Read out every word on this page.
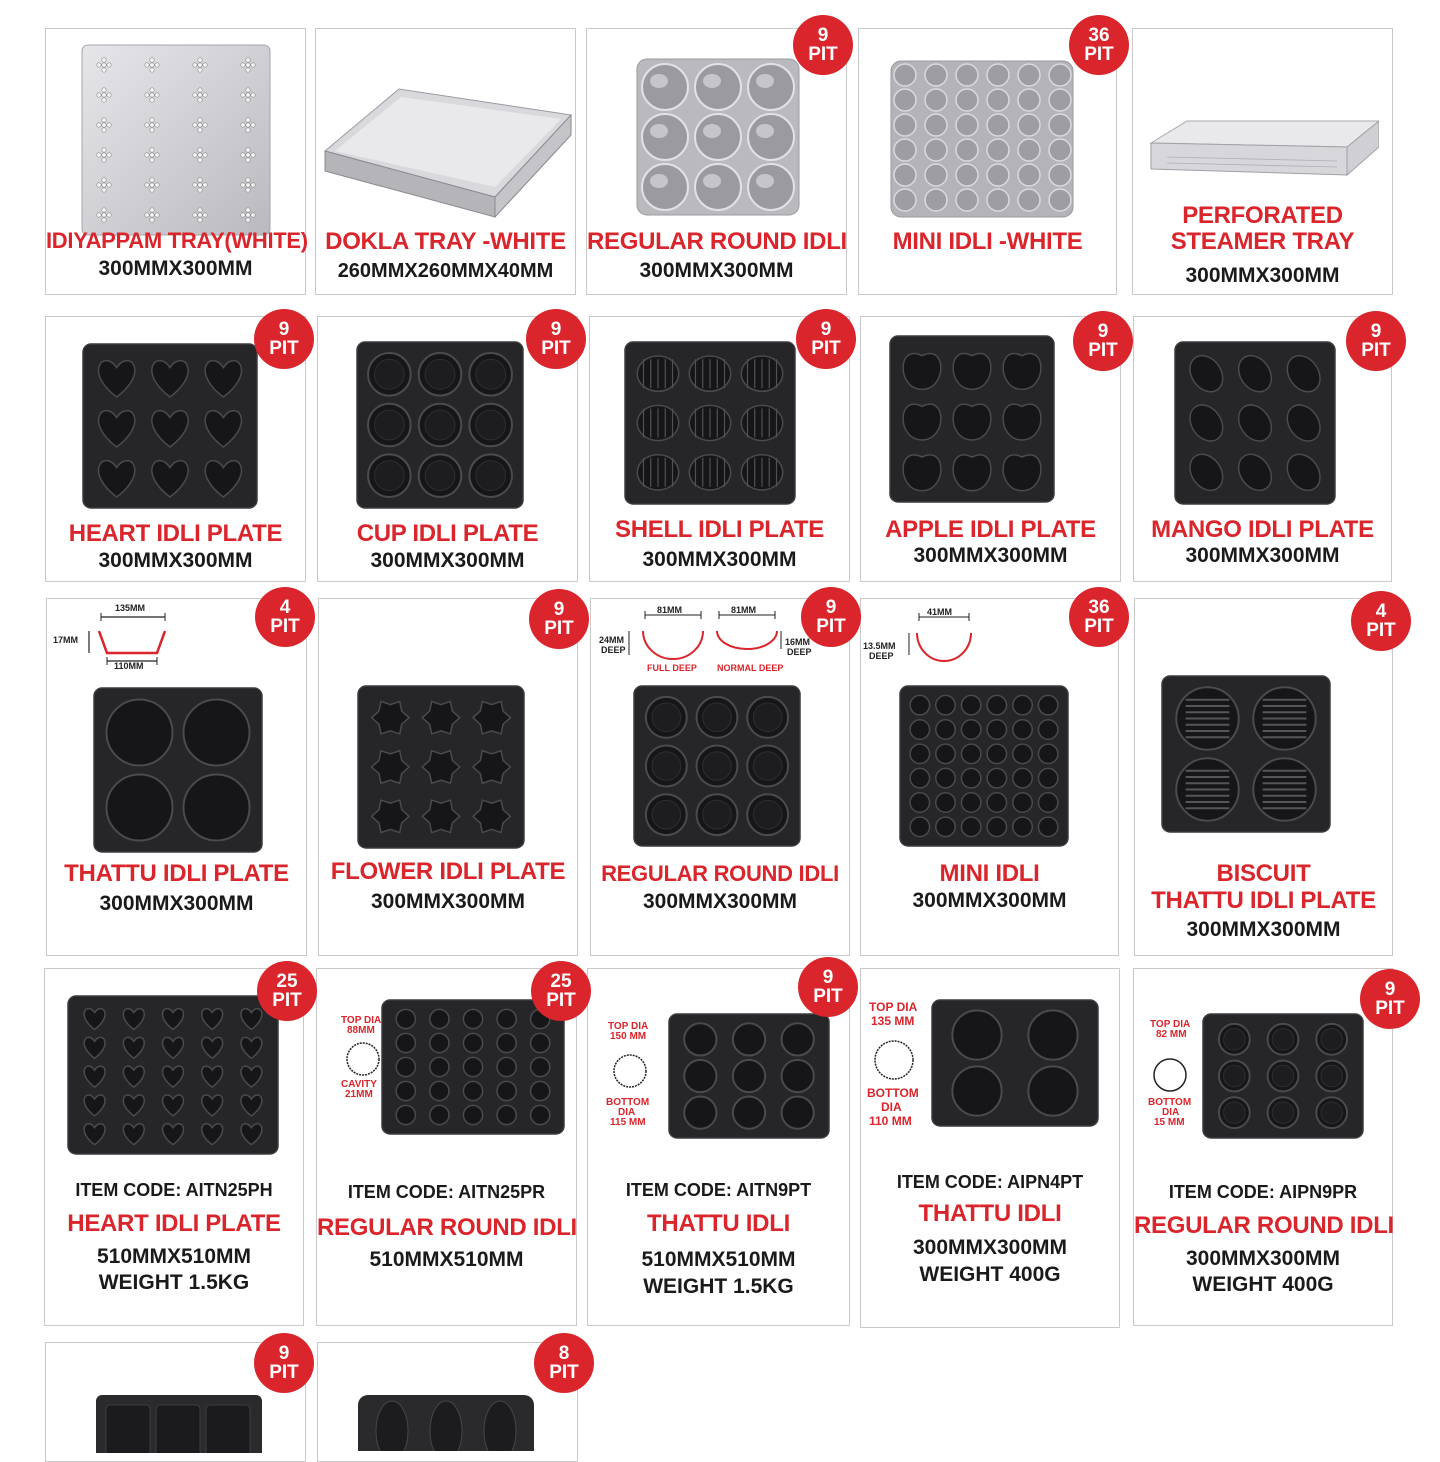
IDIYAPPAM TRAY(WHITE)
300MMX300MM
DOKLA TRAY -WHITE
260MMX260MMX40MM
9
PIT
REGULAR ROUND IDLI
300MMX300MM
36
PIT
MINI IDLI -WHITE
PERFORATED
STEAMER TRAY
300MMX300MM
9
PIT
HEART IDLI PLATE
300MMX300MM
9
PIT
CUP IDLI PLATE
300MMX300MM
9
PIT
SHELL IDLI PLATE
300MMX300MM
9
PIT
APPLE IDLI PLATE
300MMX300MM
9
PIT
MANGO IDLI PLATE
300MMX300MM
4
PIT
135MM
17MM
110MM
THATTU IDLI PLATE
300MMX300MM
9
PIT
FLOWER IDLI PLATE
300MMX300MM
9
PIT
81MM	81MM
24MM
DEEP
16MM
DEEP
FULL DEEP NORMAL DEEP
REGULAR ROUND IDLI
300MMX300MM
36
PIT
41MM
13.5MM
DEEP
MINI IDLI
300MMX300MM
4
PIT
BISCUIT
THATTU IDLI PLATE
300MMX300MM
25
PIT
ITEM CODE: AITN25PH
HEART IDLI PLATE
510MMX510MM
WEIGHT 1.5KG
25
PIT
TOP DIA
88MM
CAVITY
21MM
ITEM CODE: AITN25PR
REGULAR ROUND IDLI
510MMX510MM
9
PIT
TOP DIA
150 MM
BOTTOM
DIA
115 MM
ITEM CODE: AITN9PT
THATTU IDLI
510MMX510MM
WEIGHT 1.5KG
TOP DIA
135 MM
BOTTOM
DIA
110 MM
ITEM CODE: AIPN4PT
THATTU IDLI
300MMX300MM
WEIGHT 400G
9
PIT
TOP DIA
82 MM
BOTTOM
DIA
15 MM
ITEM CODE: AIPN9PR
REGULAR ROUND IDLI
300MMX300MM
WEIGHT 400G
9
PIT
8
PIT
